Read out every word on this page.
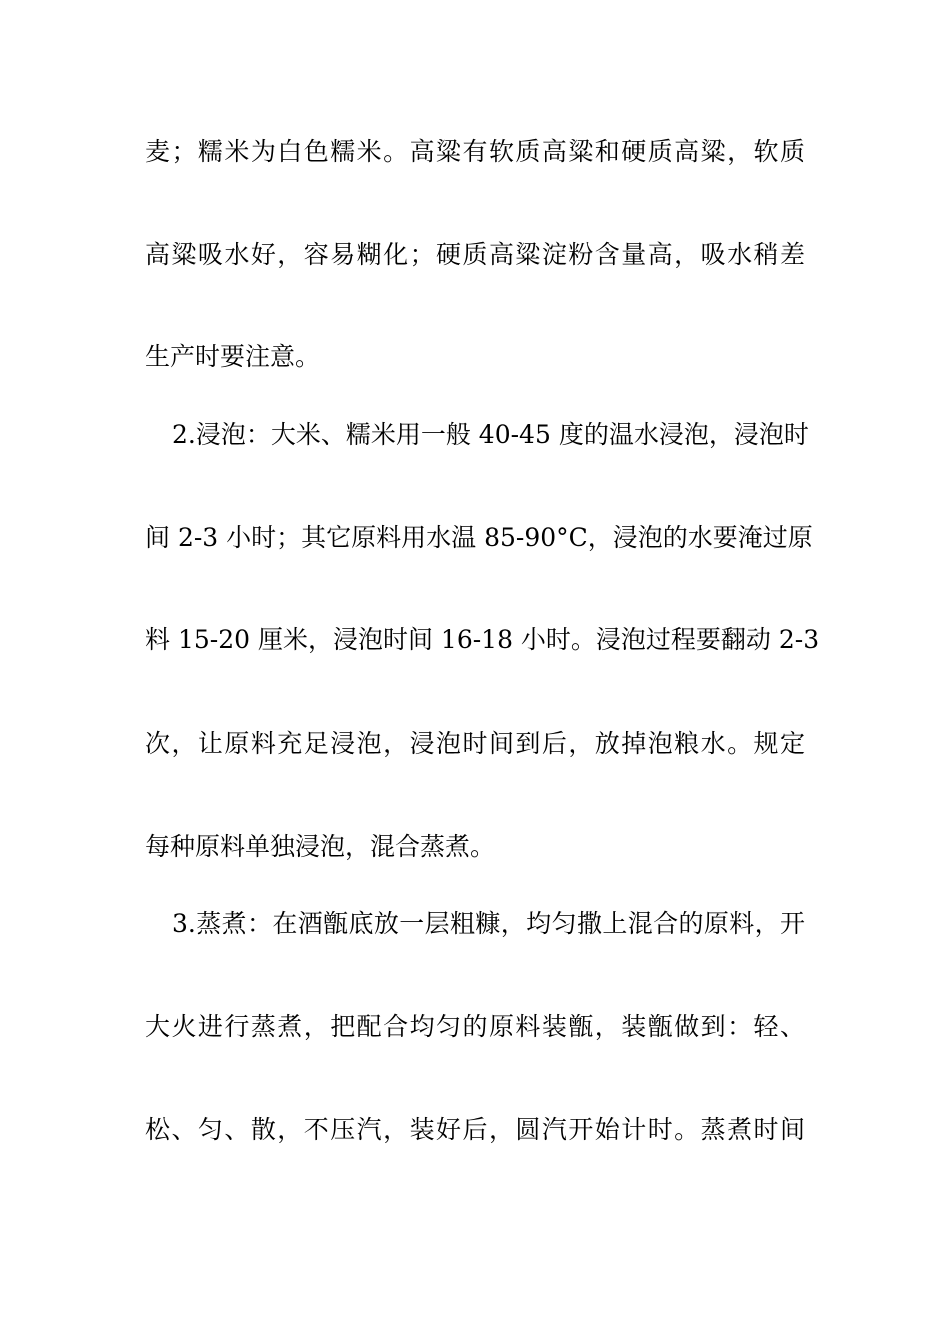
麦；糯米为白色糯米。高粱有软质高粱和硬质高粱，软质
高粱吸水好，容易糊化；硬质高粱淀粉含量高，吸水稍差
生产时要注意。
2.浸泡：大米、糯米用一般 40-45 度的温水浸泡，浸泡时
间 2-3 小时；其它原料用水温 85-90°C，浸泡的水要淹过原
料 15-20 厘米，浸泡时间 16-18 小时。浸泡过程要翻动 2-3
次，让原料充足浸泡，浸泡时间到后，放掉泡粮水。规定
每种原料单独浸泡，混合蒸煮。
3.蒸煮：在酒甑底放一层粗糠，均匀撒上混合的原料，开
大火进行蒸煮，把配合均匀的原料装甑，装甑做到：轻、
松、匀、散，不压汽，装好后，圆汽开始计时。蒸煮时间
